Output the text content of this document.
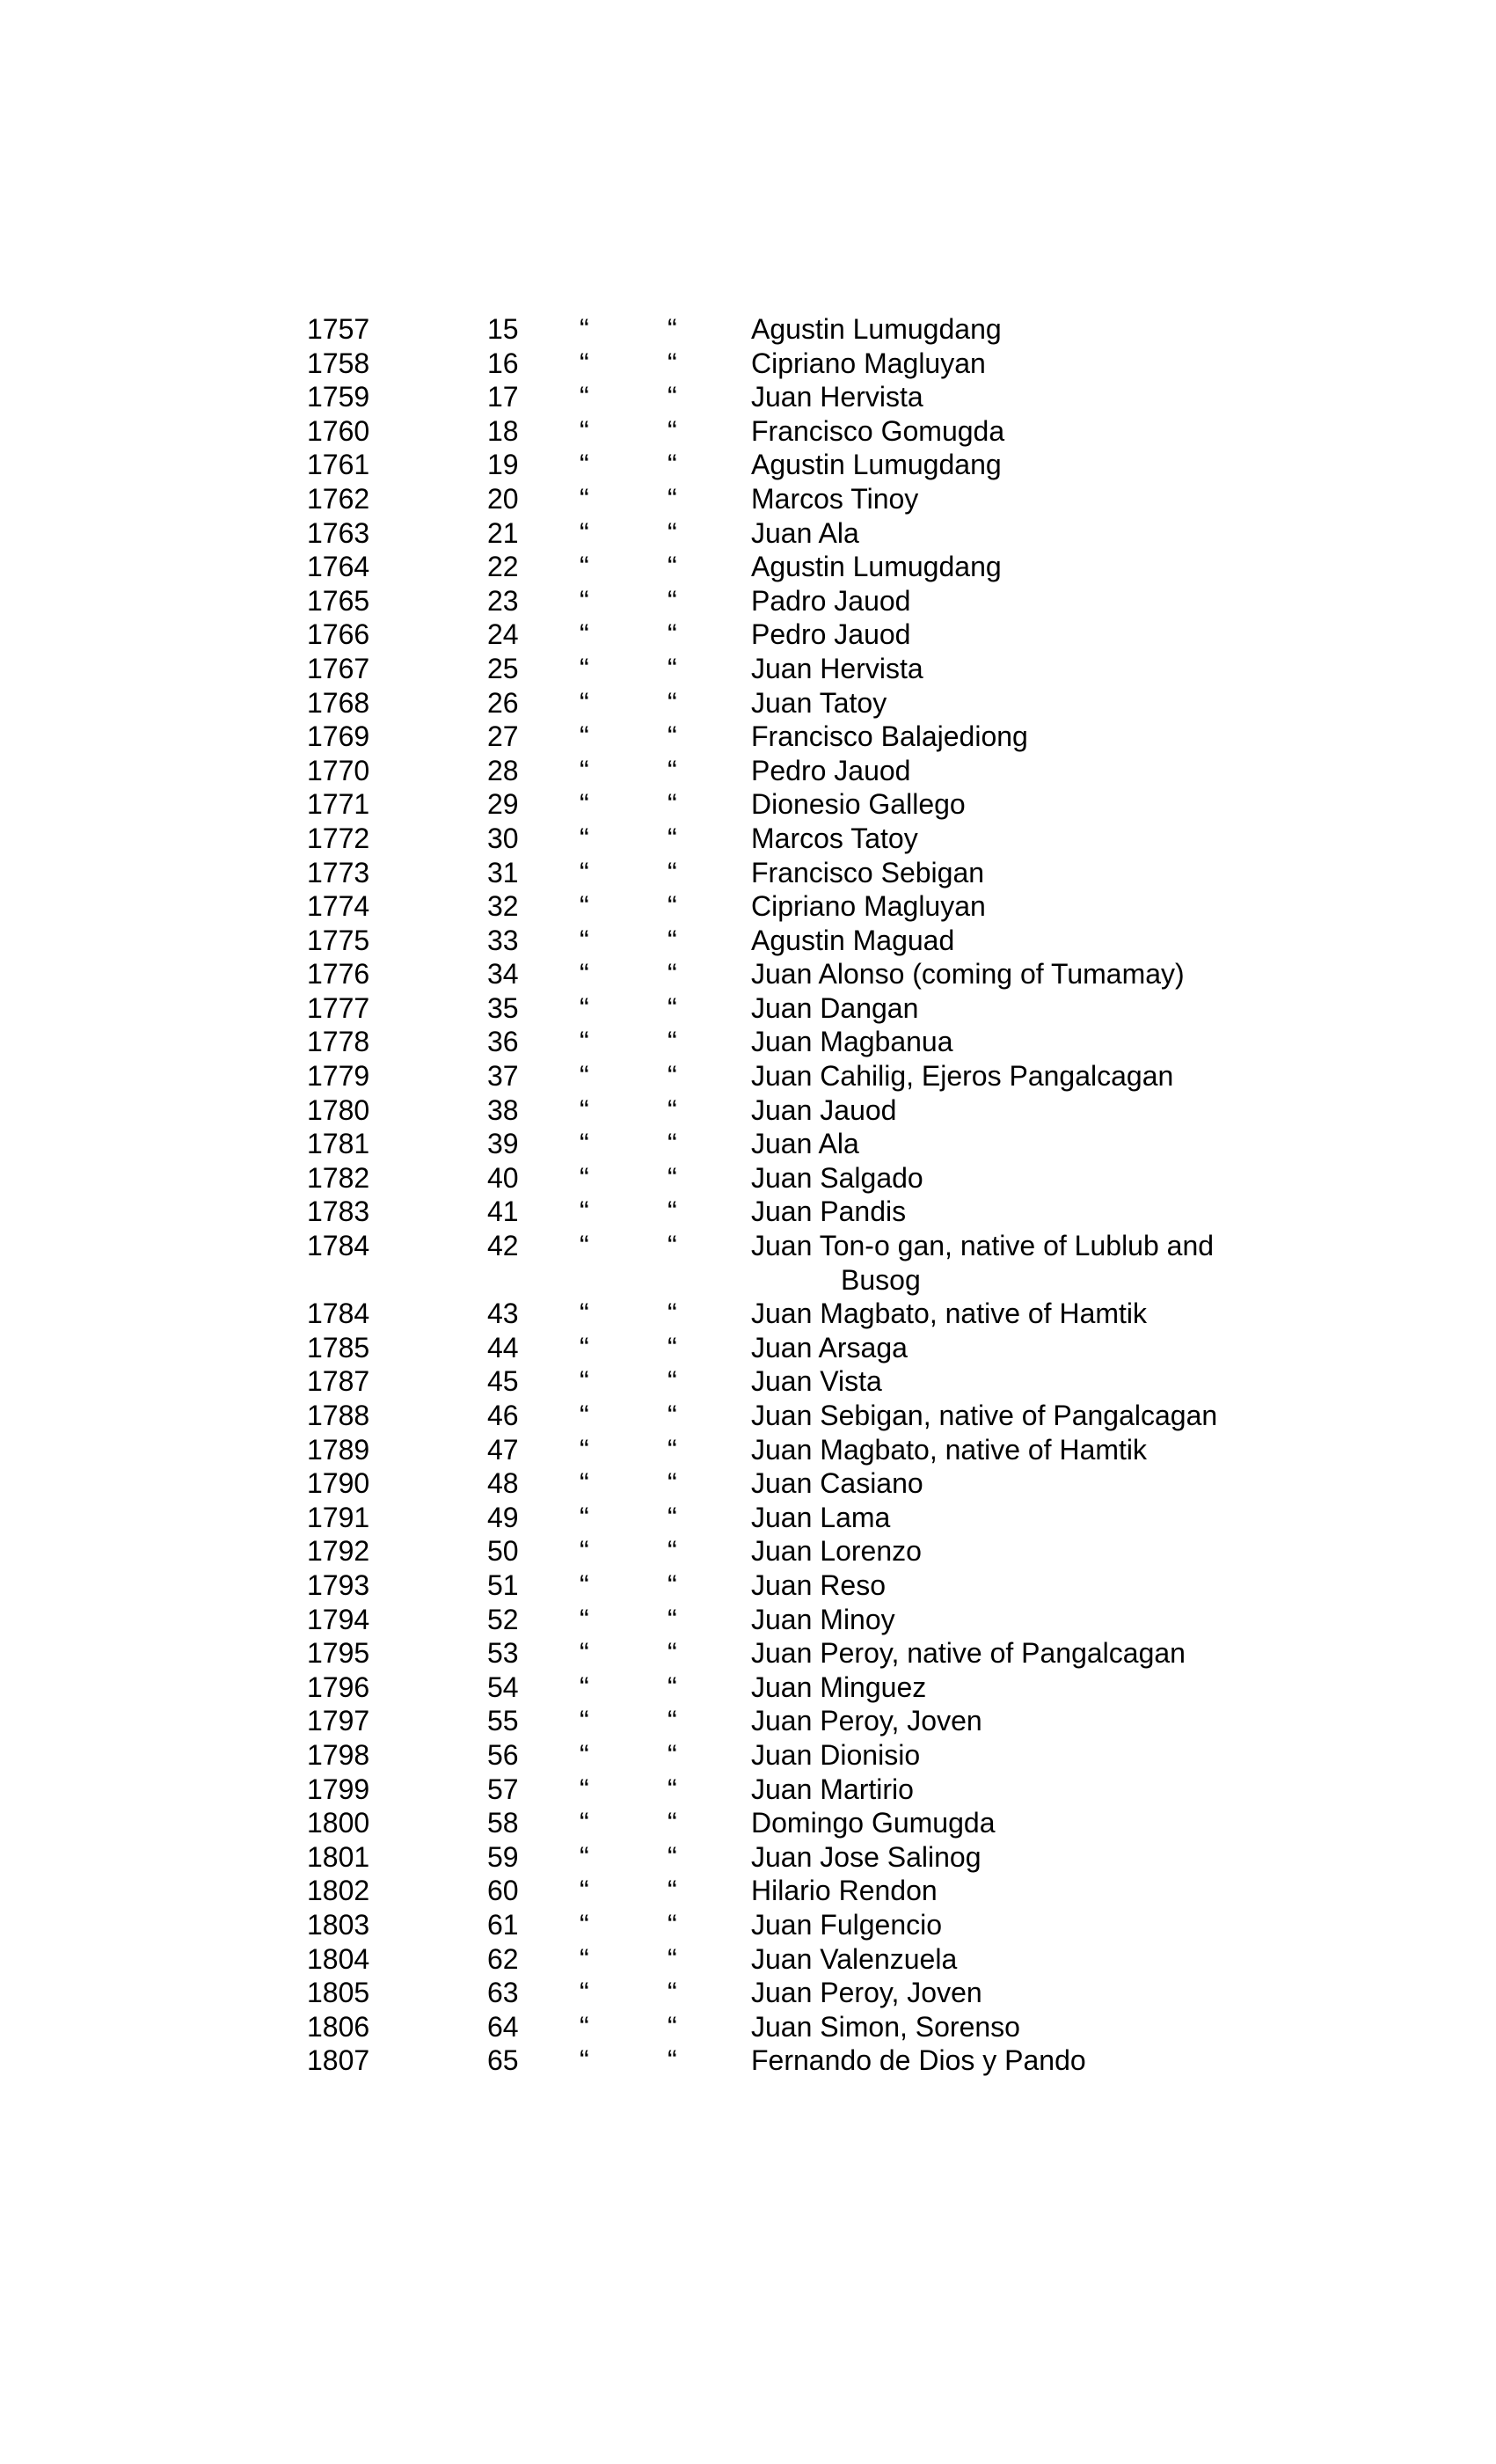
1757	15	“	“	Agustin Lumugdang
1758	16	“	“	Cipriano Magluyan
1759	17	“	“	Juan Hervista
1760	18	“	“	Francisco Gomugda
1761	19	“	“	Agustin Lumugdang
1762	20	“	“	Marcos Tinoy
1763	21	“	“	Juan Ala
1764	22	“	“	Agustin Lumugdang
1765	23	“	“	Padro Jauod
1766	24	“	“	Pedro Jauod
1767	25	“	“	Juan Hervista
1768	26	“	“	Juan Tatoy
1769	27	“	“	Francisco Balajediong
1770	28	“	“	Pedro Jauod
1771	29	“	“	Dionesio Gallego
1772	30	“	“	Marcos Tatoy
1773	31	“	“	Francisco Sebigan
1774	32	“	“	Cipriano Magluyan
1775	33	“	“	Agustin Maguad
1776	34	“	“	Juan Alonso (coming of Tumamay)
1777	35	“	“	Juan Dangan
1778	36	“	“	Juan Magbanua
1779	37	“	“	Juan Cahilig, Ejeros Pangalcagan
1780	38	“	“	Juan Jauod
1781	39	“	“	Juan Ala
1782	40	“	“	Juan Salgado
1783	41	“	“	Juan Pandis
1784	42	“	“	Juan Ton-o gan, native of Lublub and
Busog
1784	43	“	“	Juan Magbato, native of Hamtik
1785	44	“	“	Juan Arsaga
1787	45	“	“	Juan Vista
1788	46	“	“	Juan Sebigan, native of Pangalcagan
1789	47	“	“	Juan Magbato, native of Hamtik
1790	48	“	“	Juan Casiano
1791	49	“	“	Juan Lama
1792	50	“	“	Juan Lorenzo
1793	51	“	“	Juan Reso
1794	52	“	“	Juan Minoy
1795	53	“	“	Juan Peroy, native of Pangalcagan
1796	54	“	“	Juan Minguez
1797	55	“	“	Juan Peroy, Joven
1798	56	“	“	Juan Dionisio
1799	57	“	“	Juan Martirio
1800	58	“	“	Domingo Gumugda
1801	59	“	“	Juan Jose Salinog
1802	60	“	“	Hilario Rendon
1803	61	“	“	Juan Fulgencio
1804	62	“	“	Juan Valenzuela
1805	63	“	“	Juan Peroy, Joven
1806	64	“	“	Juan Simon, Sorenso
1807	65	“	“	Fernando de Dios y Pando
